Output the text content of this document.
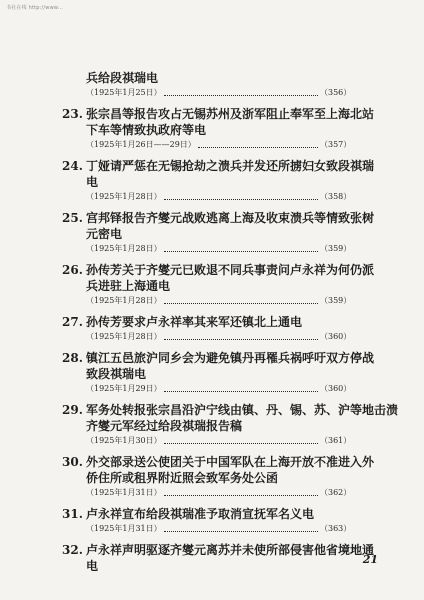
书社在线 http://www...
兵给段祺瑞电
（1925年1月25日）	（356）
23. 张宗昌等报告攻占无锡苏州及浙军阻止奉军至上海北站
下车等情致执政府等电
（1925年1月26日——29日）	（357）
24. 丁娅请严惩在无锡抢劫之溃兵并发还所掳妇女致段祺瑞
电
（1925年1月28日）	（358）
25. 宫邦铎报告齐燮元战败逃离上海及收束溃兵等情致张树
元密电
（1925年1月28日）	（359）
26. 孙传芳关于齐燮元已败退不同兵事责问卢永祥为何仍派
兵进驻上海通电
（1925年1月28日）	（359）
27. 孙传芳要求卢永祥率其来军还镇北上通电
（1925年1月28日）	（360）
28. 镇江五邑旅沪同乡会为避免镇丹再罹兵祸呼吁双方停战
致段祺瑞电
（1925年1月29日）	（360）
29. 军务处转报张宗昌沿沪宁线由镇、丹、锡、苏、沪等地击溃
齐燮元军经过给段祺瑞报告稿
（1925年1月30日）	（361）
30. 外交部录送公使团关于中国军队在上海开放不准进入外
侨住所或租界附近照会致军务处公函
（1925年1月31日）	（362）
31. 卢永祥宣布给段祺瑞准予取消宣抚军名义电
（1925年1月31日）	（363）
32. 卢永祥声明驱逐齐燮元离苏并未使所部侵害他省境地通
电	21
